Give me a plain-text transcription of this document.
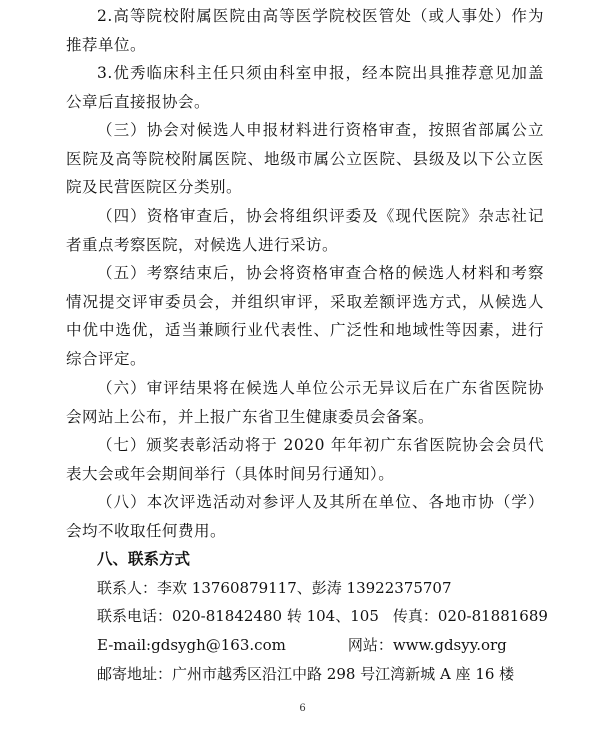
2.高等院校附属医院由高等医学院校医管处（或人事处）作为推荐单位。

3.优秀临床科主任只须由科室申报，经本院出具推荐意见加盖公章后直接报协会。

（三）协会对候选人申报材料进行资格审查，按照省部属公立医院及高等院校附属医院、地级市属公立医院、县级及以下公立医院及民营医院区分类别。

（四）资格审查后，协会将组织评委及《现代医院》杂志社记者重点考察医院，对候选人进行采访。

（五）考察结束后，协会将资格审查合格的候选人材料和考察情况提交评审委员会，并组织审评，采取差额评选方式，从候选人中优中选优，适当兼顾行业代表性、广泛性和地域性等因素，进行综合评定。

（六）审评结果将在候选人单位公示无异议后在广东省医院协会网站上公布，并上报广东省卫生健康委员会备案。

（七）颁奖表彰活动将于 2020 年年初广东省医院协会会员代表大会或年会期间举行（具体时间另行通知）。

（八）本次评选活动对参评人及其所在单位、各地市协（学）会均不收取任何费用。

八、联系方式

联系人：李欢 13760879117、彭涛 13922375707

联系电话：020-81842480 转 104、105 传真：020-81881689

E-mail:gdsygh@163.com	网站：www.gdsyy.org

邮寄地址：广州市越秀区沿江中路 298 号江湾新城 A 座 16 楼

6
